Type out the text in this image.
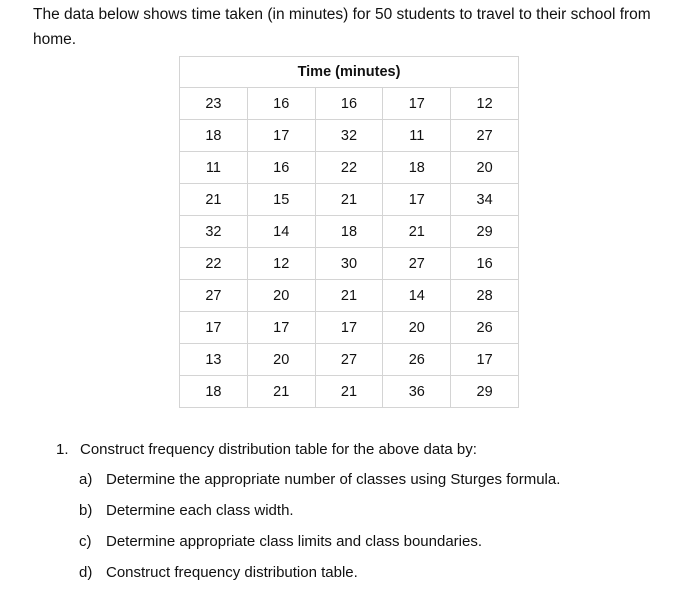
The data below shows time taken (in minutes) for 50 students to travel to their school from home.

Time (minutes)				
23	16	16	17	12
18	17	32	11	27
11	16	22	18	20
21	15	21	17	34
32	14	18	21	29
22	12	30	27	16
27	20	21	14	28
17	17	17	20	26
13	20	27	26	17
18	21	21	36	29
1. Construct frequency distribution table for the above data by:
a) Determine the appropriate number of classes using Sturges formula.
b) Determine each class width.
c) Determine appropriate class limits and class boundaries.
d) Construct frequency distribution table.
